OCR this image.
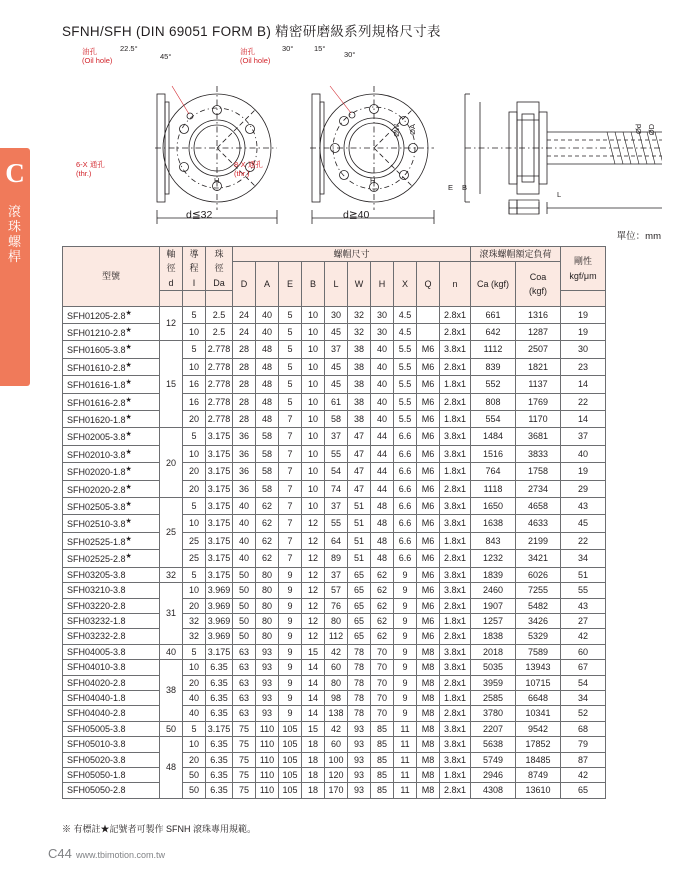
C
滾
珠
螺
桿
SFNH/SFH (DIN 69051 FORM B) 精密研磨級系列規格尺寸表
油孔
(Oil hole)
22.5°
45°
6-X 通孔
(thr.)
H
d≦32
油孔
(Oil hole)
30°	15°
30°
8-X 通孔
(thr.)
H
d≧40
ØW ØA	Ød ØD
E B
L
單位：mm
型號	軸
徑
d	導
程
I	珠
徑
Da	螺帽尺寸										滾珠螺帽額定負荷		剛性
kgf/μm
				D	A	E	B	L	W	H	X	Q	n	Ca (kgf)	Coa
(kgf)	

SFH01205-2.8★	12	5	2.5	24	40	5	10	30	32	30	4.5		2.8x1	661	1316	19
SFH01210-2.8★		10	2.5	24	40	5	10	45	32	30	4.5		2.8x1	642	1287	19
SFH01605-3.8★	15	5	2.778	28	48	5	10	37	38	40	5.5	M6	3.8x1	1112	2507	30
SFH01610-2.8★		10	2.778	28	48	5	10	45	38	40	5.5	M6	2.8x1	839	1821	23
SFH01616-1.8★		16	2.778	28	48	5	10	45	38	40	5.5	M6	1.8x1	552	1137	14
SFH01616-2.8★		16	2.778	28	48	5	10	61	38	40	5.5	M6	2.8x1	808	1769	22
SFH01620-1.8★		20	2.778	28	48	7	10	58	38	40	5.5	M6	1.8x1	554	1170	14
SFH02005-3.8★	20	5	3.175	36	58	7	10	37	47	44	6.6	M6	3.8x1	1484	3681	37
SFH02010-3.8★		10	3.175	36	58	7	10	55	47	44	6.6	M6	3.8x1	1516	3833	40
SFH02020-1.8★		20	3.175	36	58	7	10	54	47	44	6.6	M6	1.8x1	764	1758	19
SFH02020-2.8★		20	3.175	36	58	7	10	74	47	44	6.6	M6	2.8x1	1118	2734	29
SFH02505-3.8★	25	5	3.175	40	62	7	10	37	51	48	6.6	M6	3.8x1	1650	4658	43
SFH02510-3.8★		10	3.175	40	62	7	12	55	51	48	6.6	M6	3.8x1	1638	4633	45
SFH02525-1.8★		25	3.175	40	62	7	12	64	51	48	6.6	M6	1.8x1	843	2199	22
SFH02525-2.8★		25	3.175	40	62	7	12	89	51	48	6.6	M6	2.8x1	1232	3421	34
SFH03205-3.8	32	5	3.175	50	80	9	12	37	65	62	9	M6	3.8x1	1839	6026	51
SFH03210-3.8	31	10	3.969	50	80	9	12	57	65	62	9	M6	3.8x1	2460	7255	55
SFH03220-2.8		20	3.969	50	80	9	12	76	65	62	9	M6	2.8x1	1907	5482	43
SFH03232-1.8		32	3.969	50	80	9	12	80	65	62	9	M6	1.8x1	1257	3426	27
SFH03232-2.8		32	3.969	50	80	9	12	112	65	62	9	M6	2.8x1	1838	5329	42
SFH04005-3.8	40	5	3.175	63	93	9	15	42	78	70	9	M8	3.8x1	2018	7589	60
SFH04010-3.8	38	10	6.35	63	93	9	14	60	78	70	9	M8	3.8x1	5035	13943	67
SFH04020-2.8		20	6.35	63	93	9	14	80	78	70	9	M8	2.8x1	3959	10715	54
SFH04040-1.8		40	6.35	63	93	9	14	98	78	70	9	M8	1.8x1	2585	6648	34
SFH04040-2.8		40	6.35	63	93	9	14	138	78	70	9	M8	2.8x1	3780	10341	52
SFH05005-3.8	50	5	3.175	75	110	105	15	42	93	85	11	M8	3.8x1	2207	9542	68
SFH05010-3.8	48	10	6.35	75	110	105	18	60	93	85	11	M8	3.8x1	5638	17852	79
SFH05020-3.8		20	6.35	75	110	105	18	100	93	85	11	M8	3.8x1	5749	18485	87
SFH05050-1.8		50	6.35	75	110	105	18	120	93	85	11	M8	1.8x1	2946	8749	42
SFH05050-2.8		50	6.35	75	110	105	18	170	93	85	11	M8	2.8x1	4308	13610	65
※ 有標註★記號者可製作 SFNH 滾珠專用規範。
C44 www.tbimotion.com.tw
